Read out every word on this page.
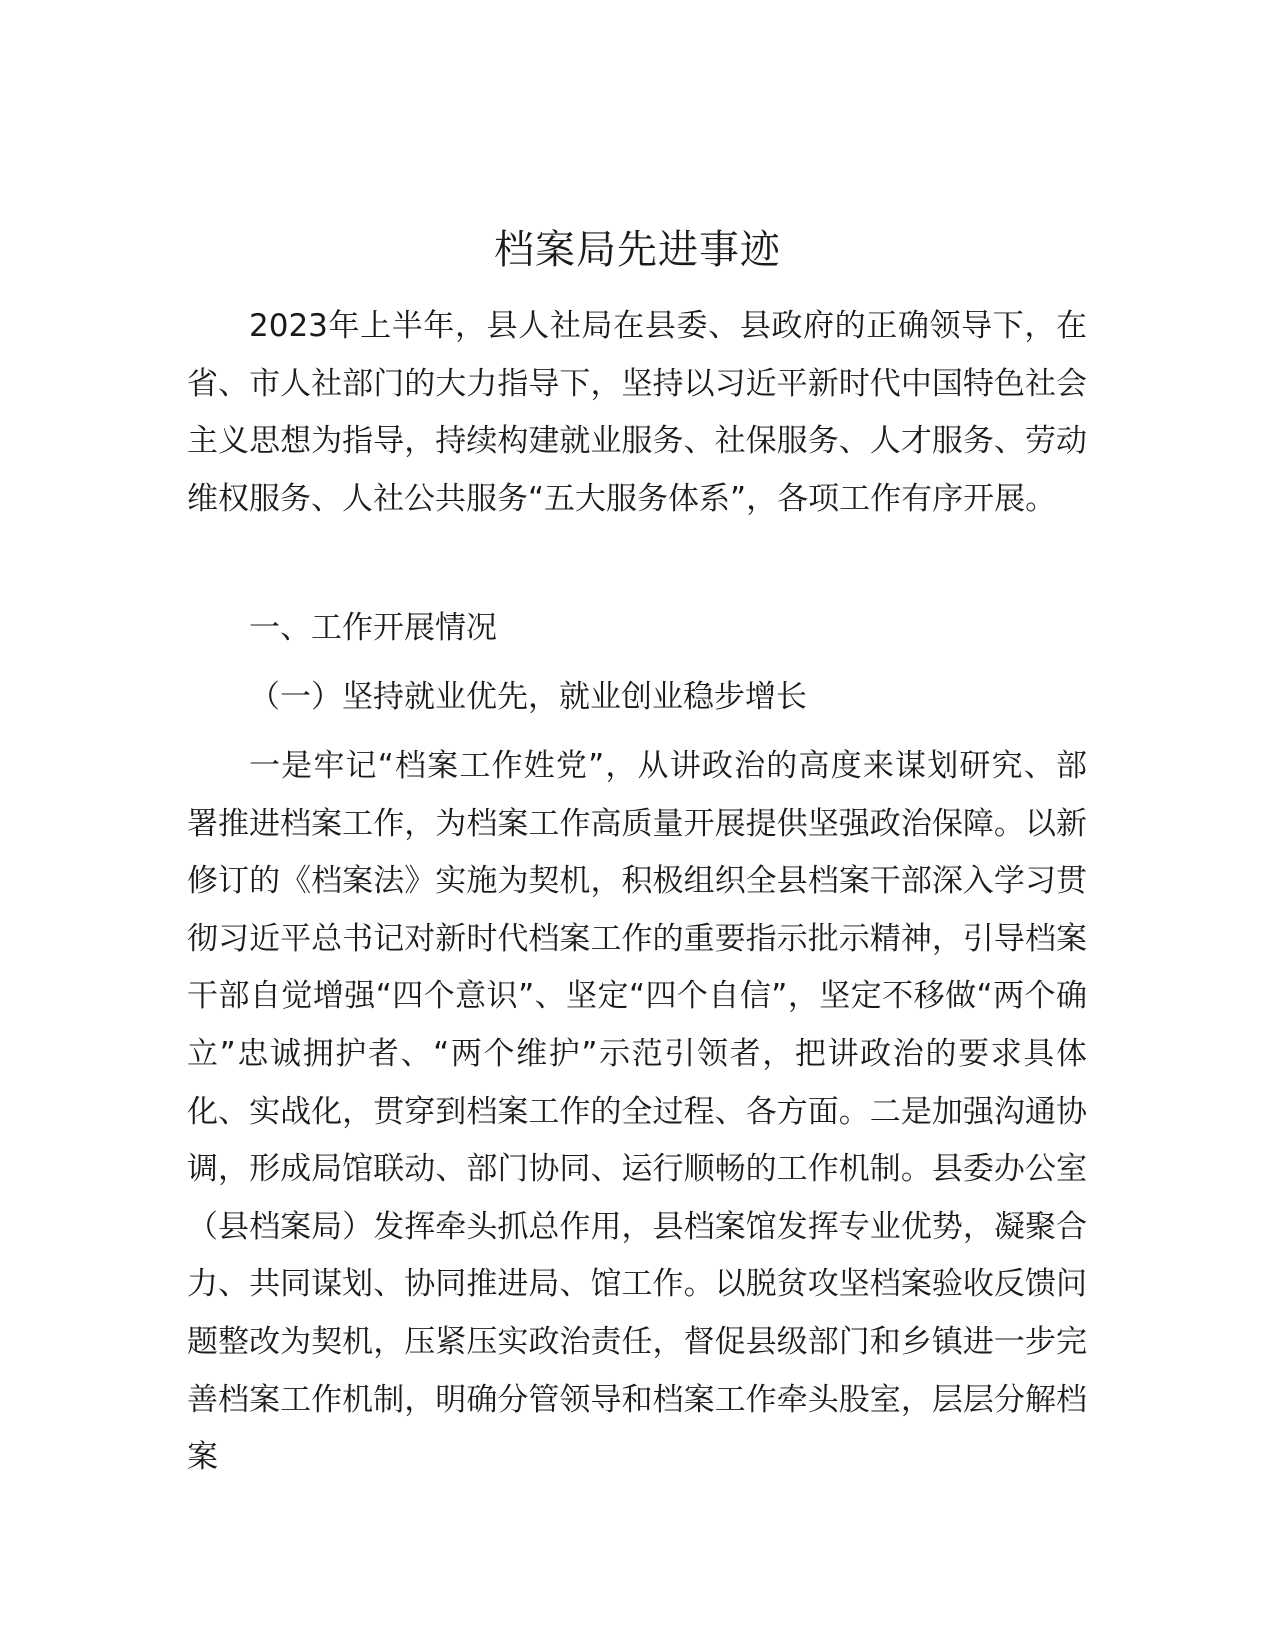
档案局先进事迹

2023年上半年，县人社局在县委、县政府的正确领导下，在省、市人社部门的大力指导下，坚持以习近平新时代中国特色社会主义思想为指导，持续构建就业服务、社保服务、人才服务、劳动维权服务、人社公共服务“五大服务体系”，各项工作有序开展。

一、工作开展情况

（一）坚持就业优先，就业创业稳步增长

一是牢记“档案工作姓党”，从讲政治的高度来谋划研究、部署推进档案工作，为档案工作高质量开展提供坚强政治保障。以新修订的《档案法》实施为契机，积极组织全县档案干部深入学习贯彻习近平总书记对新时代档案工作的重要指示批示精神，引导档案干部自觉增强“四个意识”、坚定“四个自信”，坚定不移做“两个确立”忠诚拥护者、“两个维护”示范引领者，把讲政治的要求具体化、实战化，贯穿到档案工作的全过程、各方面。二是加强沟通协调，形成局馆联动、部门协同、运行顺畅的工作机制。县委办公室（县档案局）发挥牵头抓总作用，县档案馆发挥专业优势，凝聚合力、共同谋划、协同推进局、馆工作。以脱贫攻坚档案验收反馈问题整改为契机，压紧压实政治责任，督促县级部门和乡镇进一步完善档案工作机制，明确分管领导和档案工作牵头股室，层层分解档案
